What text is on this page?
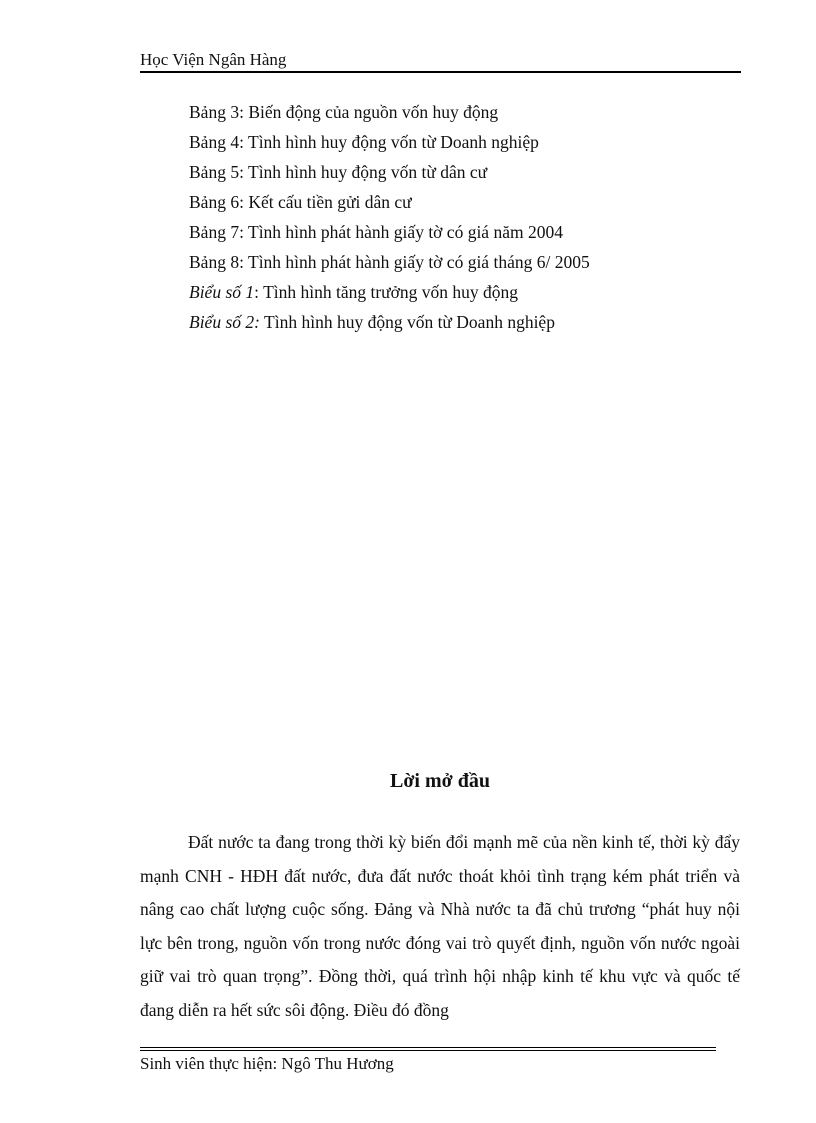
Học Viện Ngân Hàng
Bảng 3: Biến động của nguồn vốn huy động
Bảng 4: Tình hình huy động vốn từ Doanh nghiệp
Bảng 5: Tình hình huy động vốn từ dân cư
Bảng 6: Kết cấu tiền gửi dân cư
Bảng 7: Tình hình phát hành giấy tờ có giá năm 2004
Bảng 8: Tình hình phát hành giấy tờ có giá tháng 6/ 2005
Biểu số 1: Tình hình tăng trưởng vốn huy động
Biểu số 2: Tình hình huy động vốn từ Doanh nghiệp
Lời mở đầu

Đất nước ta đang trong thời kỳ biến đổi mạnh mẽ của nền kinh tế, thời kỳ đẩy mạnh CNH - HĐH đất nước, đưa đất nước thoát khỏi tình trạng kém phát triển và nâng cao chất lượng cuộc sống. Đảng và Nhà nước ta đã chủ trương “phát huy nội lực bên trong, nguồn vốn trong nước đóng vai trò quyết định, nguồn vốn nước ngoài giữ vai trò quan trọng”. Đồng thời, quá trình hội nhập kinh tế khu vực và quốc tế đang diễn ra hết sức sôi động. Điều đó đồng

Sinh viên thực hiện: Ngô Thu Hương
